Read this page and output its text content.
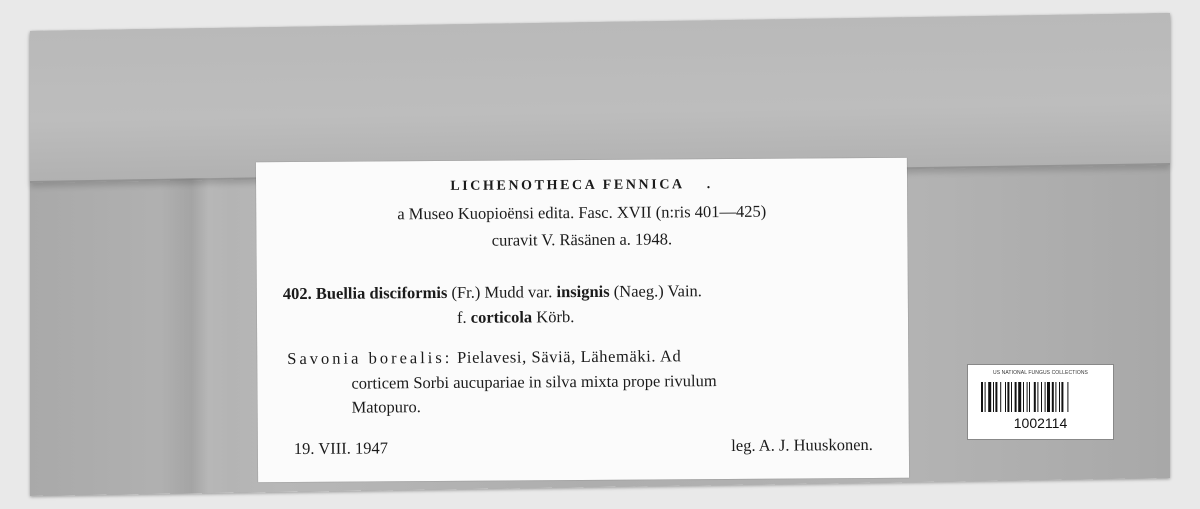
LICHENOTHECA FENNICA .
a Museo Kuopioënsi edita. Fasc. XVII (n:ris 401—425)
curavit V. Räsänen a. 1948.
402. Buellia disciformis (Fr.) Mudd var. insignis (Naeg.) Vain.
f. corticola Körb.
Savonia borealis: Pielavesi, Säviä, Lähemäki. Ad
corticem Sorbi aucupariae in silva mixta prope rivulum
Matopuro.
19. VIII. 1947	leg. A. J. Huuskonen.
US NATIONAL FUNGUS COLLECTIONS
1002114
